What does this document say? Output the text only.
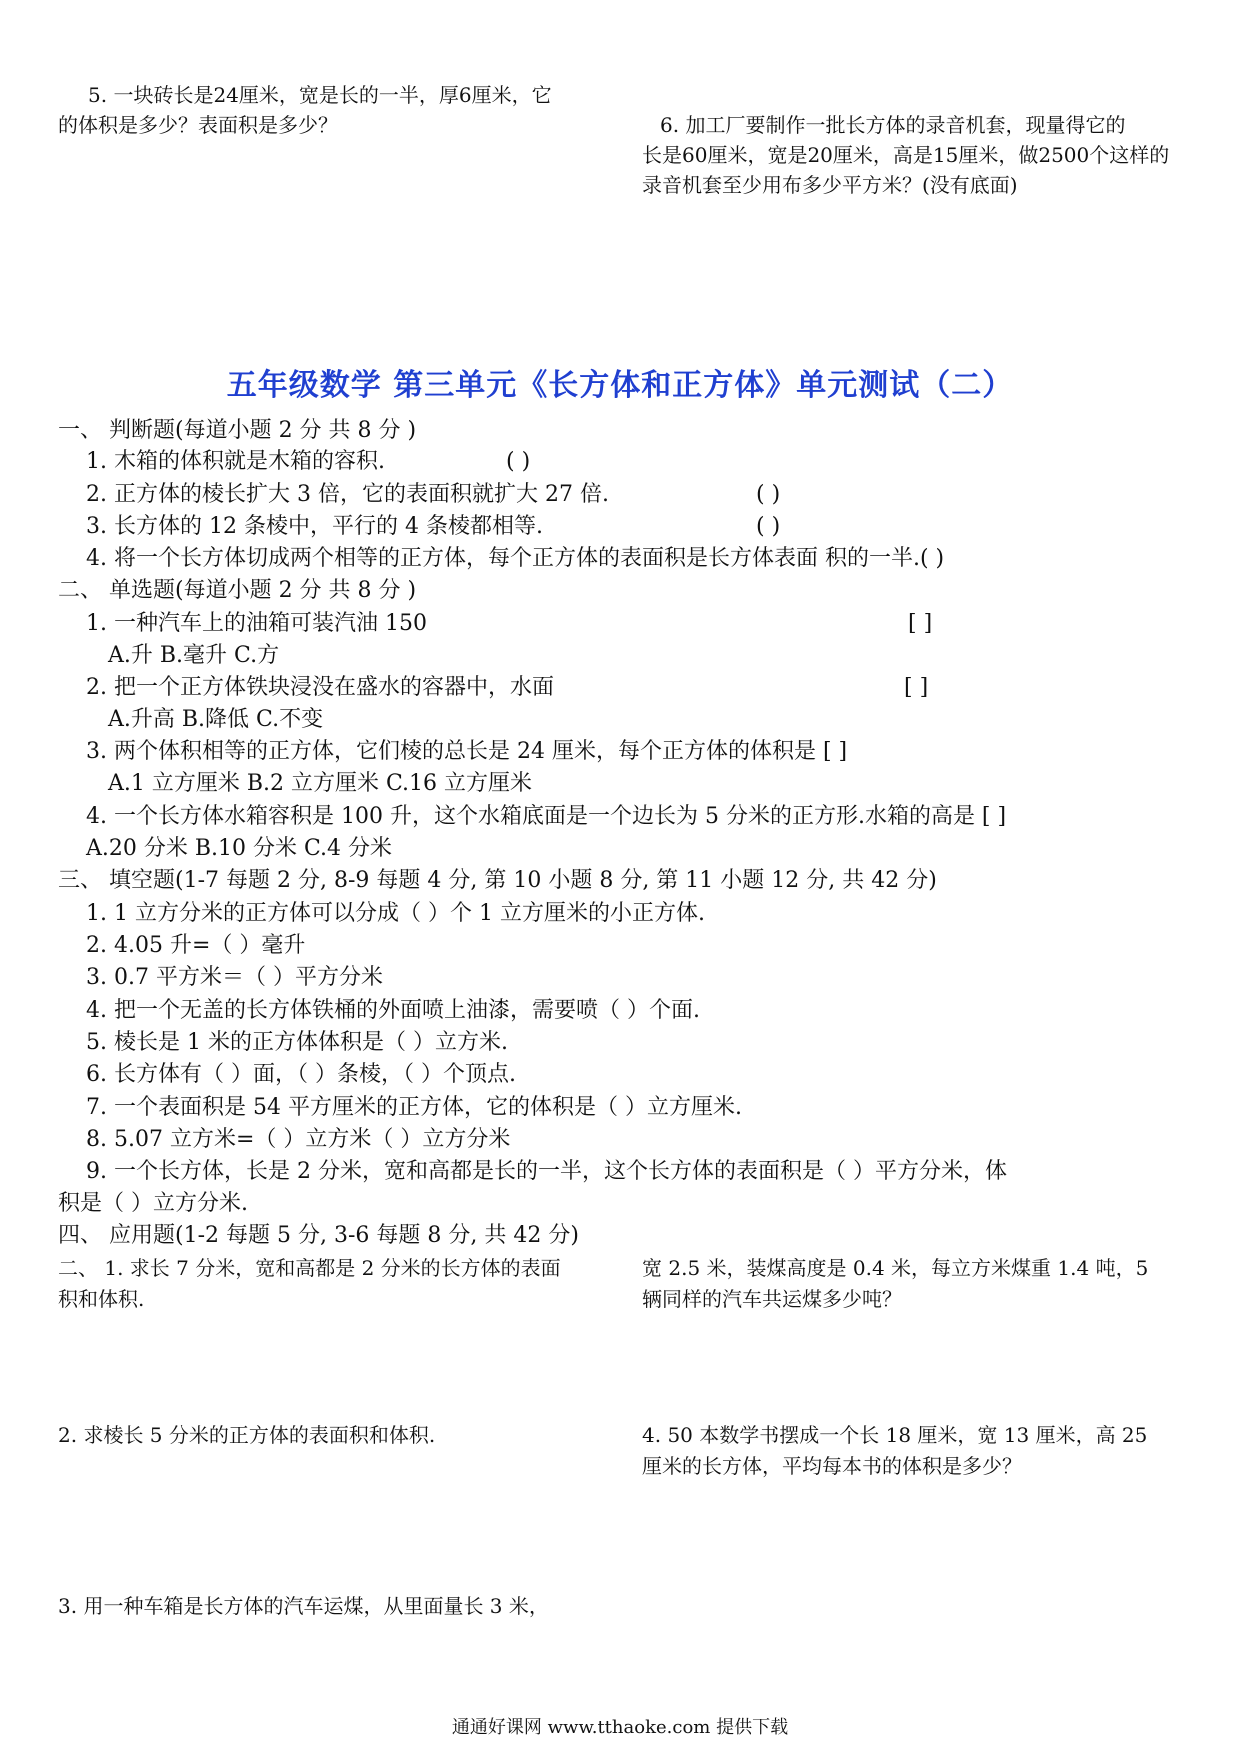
5. 一块砖长是24厘米，宽是长的一半，厚6厘米，它
的体积是多少？表面积是多少？	6. 加工厂要制作一批长方体的录音机套，现量得它的
长是60厘米，宽是20厘米，高是15厘米，做2500个这样的
录音机套至少用布多少平方米？(没有底面)
五年级数学 第三单元《长方体和正方体》单元测试（二）
一、 判断题(每道小题 2 分 共 8 分 )
1. 木箱的体积就是木箱的容积.	( )
2. 正方体的棱长扩大 3 倍，它的表面积就扩大 27 倍.	( )
3. 长方体的 12 条棱中，平行的 4 条棱都相等.	( )
4. 将一个长方体切成两个相等的正方体，每个正方体的表面积是长方体表面 积的一半.( )
二、 单选题(每道小题 2 分 共 8 分 )
1. 一种汽车上的油箱可装汽油 150	[ ]
A.升 B.毫升 C.方
2. 把一个正方体铁块浸没在盛水的容器中，水面	[ ]
A.升高 B.降低 C.不变
3. 两个体积相等的正方体，它们棱的总长是 24 厘米，每个正方体的体积是 [ ]
A.1 立方厘米 B.2 立方厘米 C.16 立方厘米
4. 一个长方体水箱容积是 100 升，这个水箱底面是一个边长为 5 分米的正方形.水箱的高是 [ ]
A.20 分米 B.10 分米 C.4 分米
三、 填空题(1-7 每题 2 分, 8-9 每题 4 分, 第 10 小题 8 分, 第 11 小题 12 分, 共 42 分)
1. 1 立方分米的正方体可以分成（ ）个 1 立方厘米的小正方体.
2. 4.05 升=（ ）毫升
3. 0.7 平方米＝（ ）平方分米
4. 把一个无盖的长方体铁桶的外面喷上油漆，需要喷（ ）个面.
5. 棱长是 1 米的正方体体积是（ ）立方米.
6. 长方体有（ ）面，（ ）条棱，（ ）个顶点.
7. 一个表面积是 54 平方厘米的正方体，它的体积是（ ）立方厘米.
8. 5.07 立方米=（ ）立方米（ ）立方分米
9. 一个长方体，长是 2 分米，宽和高都是长的一半，这个长方体的表面积是（ ）平方分米，体
积是（ ）立方分米.
四、 应用题(1-2 每题 5 分, 3-6 每题 8 分, 共 42 分)
二、 1. 求长 7 分米，宽和高都是 2 分米的长方体的表面
积和体积.
宽 2.5 米，装煤高度是 0.4 米，每立方米煤重 1.4 吨，5
辆同样的汽车共运煤多少吨？
2. 求棱长 5 分米的正方体的表面积和体积.	4. 50 本数学书摆成一个长 18 厘米，宽 13 厘米，高 25
厘米的长方体，平均每本书的体积是多少？
3. 用一种车箱是长方体的汽车运煤，从里面量长 3 米，
通通好课网 www.tthaoke.com 提供下载
